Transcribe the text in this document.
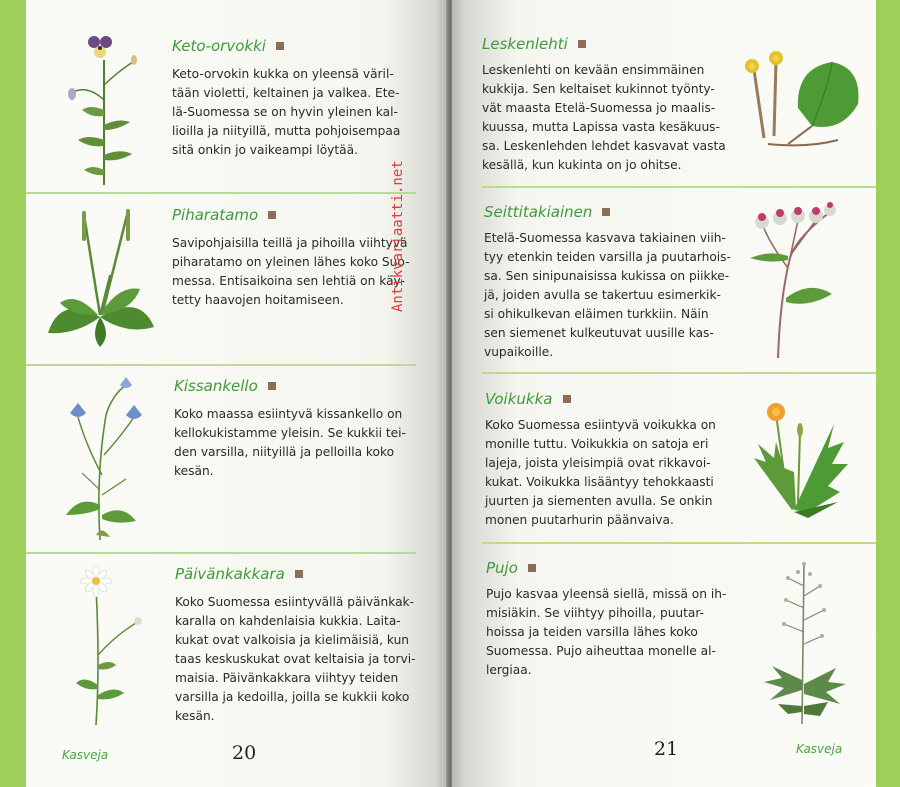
Keto-orvokki

Keto-orvokin kukka on yleensä väril-

tään violetti, keltainen ja valkea. Ete-

lä-Suomessa se on hyvin yleinen kal-

lioilla ja niityillä, mutta pohjoisempaa

sitä onkin jo vaikeampi löytää.

Piharatamo

Savipohjaisilla teillä ja pihoilla viihtyvä

piharatamo on yleinen lähes koko Suo-

messa. Entisaikoina sen lehtiä on käy-

tetty haavojen hoitamiseen.

Kissankello

Koko maassa esiintyvä kissankello on

kellokukistamme yleisin. Se kukkii tei-

den varsilla, niityillä ja pelloilla koko

kesän.

Päivänkakkara

Koko Suomessa esiintyvällä päivänkak-

karalla on kahdenlaisia kukkia. Laita-

kukat ovat valkoisia ja kielimäisiä, kun

taas keskuskukat ovat keltaisia ja torvi-

maisia. Päivänkakkara viihtyy teiden

varsilla ja kedoilla, joilla se kukkii koko

kesän.

Kasveja	20
Leskenlehti

Leskenlehti on kevään ensimmäinen

kukkija. Sen keltaiset kukinnot työnty-

vät maasta Etelä-Suomessa jo maalis-

kuussa, mutta Lapissa vasta kesäkuus-

sa. Leskenlehden lehdet kasvavat vasta

kesällä, kun kukinta on jo ohitse.

Seittitakiainen

Etelä-Suomessa kasvava takiainen viih-

tyy etenkin teiden varsilla ja puutarhois-

sa. Sen sinipunaisissa kukissa on piikke-

jä, joiden avulla se takertuu esimerkik-

si ohikulkevan eläimen turkkiin. Näin

sen siemenet kulkeutuvat uusille kas-

vupaikoille.

Voikukka

Koko Suomessa esiintyvä voikukka on

monille tuttu. Voikukkia on satoja eri

lajeja, joista yleisimpiä ovat rikkavoi-

kukat. Voikukka lisääntyy tehokkaasti

juurten ja siementen avulla. Se onkin

monen puutarhurin päänvaiva.

Pujo

Pujo kasvaa yleensä siellä, missä on ih-

misiäkin. Se viihtyy pihoilla, puutar-

hoissa ja teiden varsilla lähes koko

Suomessa. Pujo aiheuttaa monelle al-

lergiaa.

21	Kasveja
Antikvariaatti.net
